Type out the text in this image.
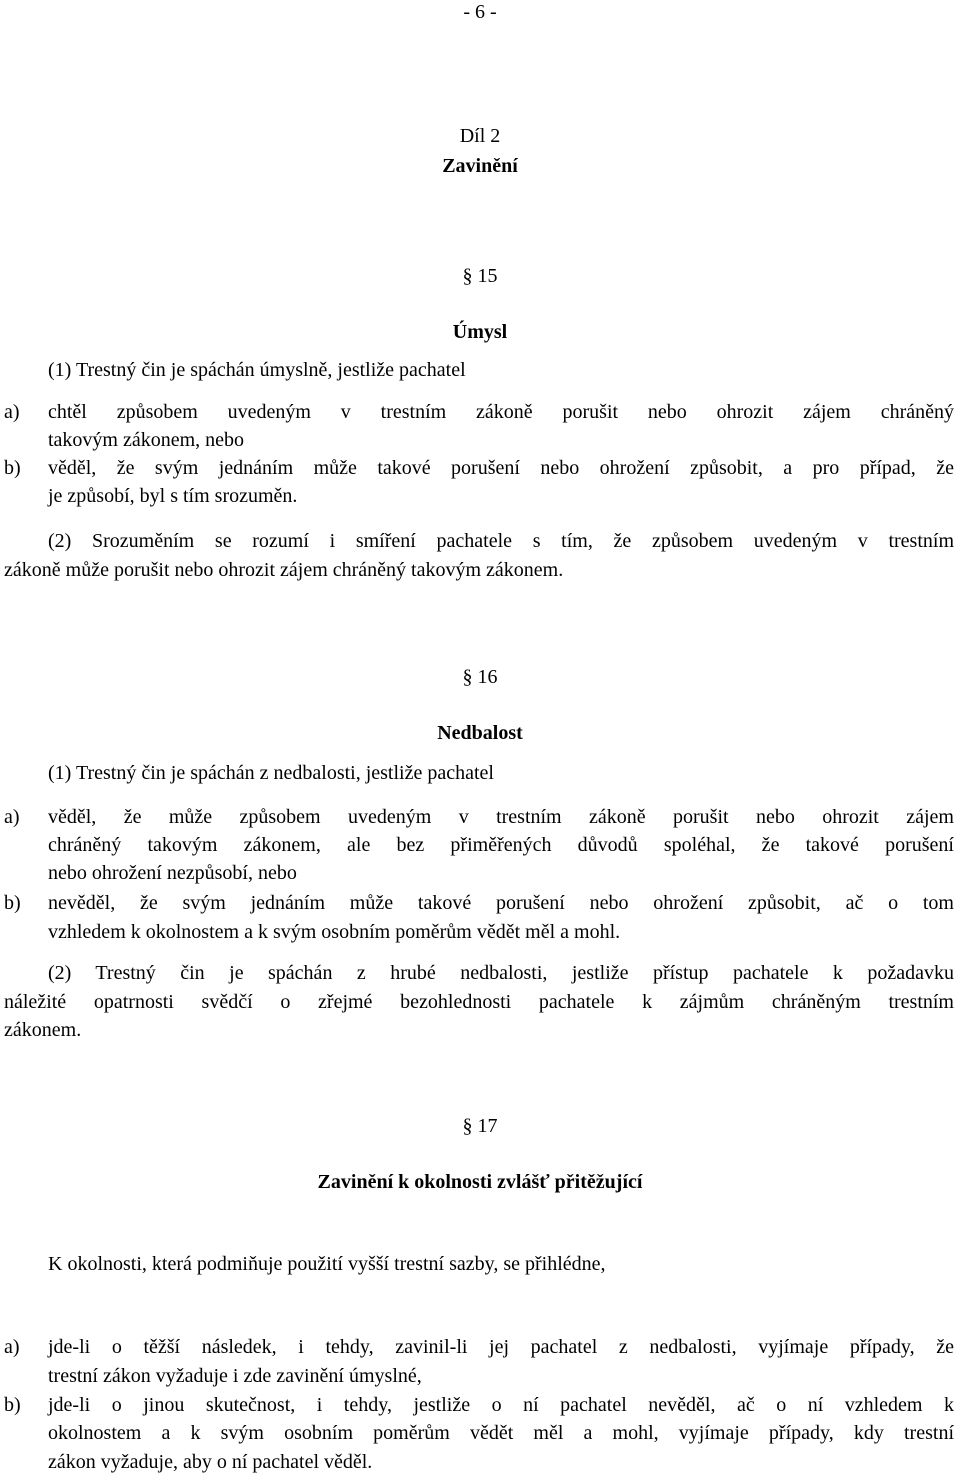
- 6 -
Díl 2
Zavinění
§ 15
Úmysl
(1) Trestný čin je spáchán úmyslně, jestliže pachatel
a) chtěl způsobem uvedeným v trestním zákoně porušit nebo ohrozit zájem chráněný
takovým zákonem, nebo
b) věděl, že svým jednáním může takové porušení nebo ohrožení způsobit, a pro případ, že
je způsobí, byl s tím srozuměn.
(2) Srozuměním se rozumí i smíření pachatele s tím, že způsobem uvedeným v trestním
zákoně může porušit nebo ohrozit zájem chráněný takovým zákonem.
§ 16
Nedbalost
(1) Trestný čin je spáchán z nedbalosti, jestliže pachatel
a) věděl, že může způsobem uvedeným v trestním zákoně porušit nebo ohrozit zájem
chráněný takovým zákonem, ale bez přiměřených důvodů spoléhal, že takové porušení
nebo ohrožení nezpůsobí, nebo
b) nevěděl, že svým jednáním může takové porušení nebo ohrožení způsobit, ač o tom
vzhledem k okolnostem a k svým osobním poměrům vědět měl a mohl.
(2) Trestný čin je spáchán z hrubé nedbalosti, jestliže přístup pachatele k požadavku
náležité opatrnosti svědčí o zřejmé bezohlednosti pachatele k zájmům chráněným trestním
zákonem.
§ 17
Zavinění k okolnosti zvlášť přitěžující
K okolnosti, která podmiňuje použití vyšší trestní sazby, se přihlédne,
a) jde-li o těžší následek, i tehdy, zavinil-li jej pachatel z nedbalosti, vyjímaje případy, že
trestní zákon vyžaduje i zde zavinění úmyslné,
b) jde-li o jinou skutečnost, i tehdy, jestliže o ní pachatel nevěděl, ač o ní vzhledem k
okolnostem a k svým osobním poměrům vědět měl a mohl, vyjímaje případy, kdy trestní
zákon vyžaduje, aby o ní pachatel věděl.
